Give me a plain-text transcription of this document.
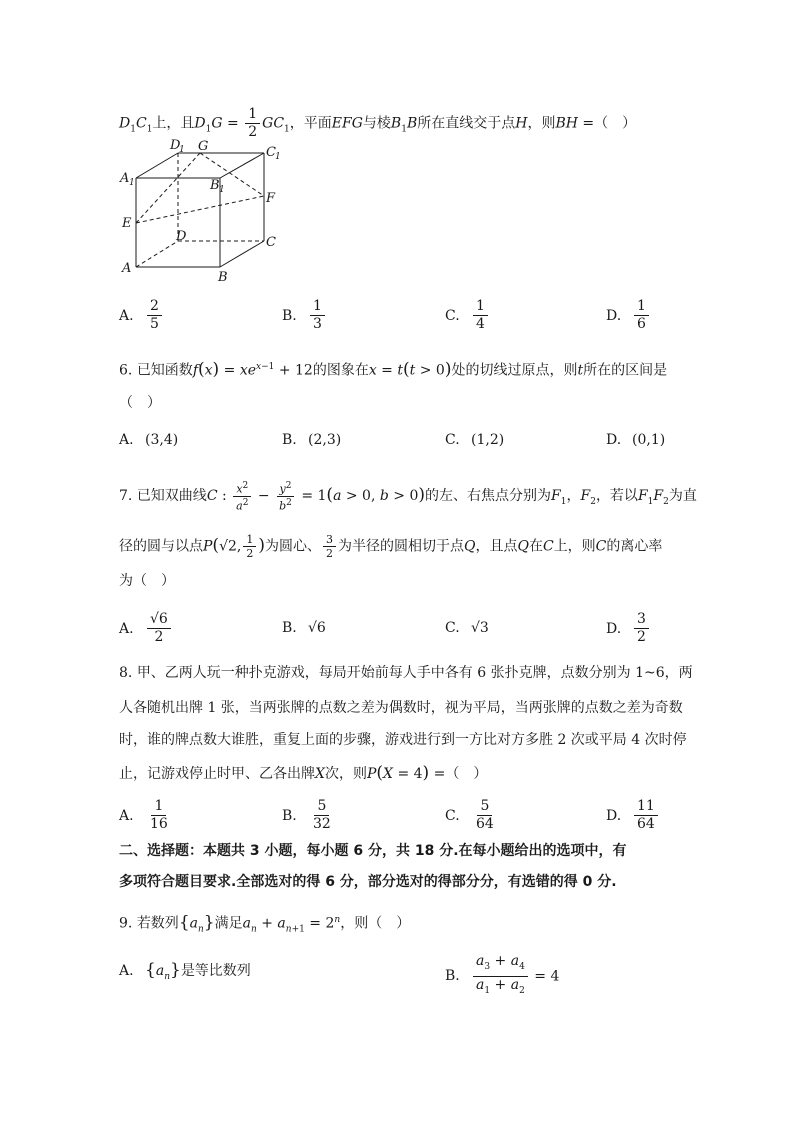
$D_1C_1$上，且$D_1G = \frac{1}{2} GC_1$，平面EFG与棱$B_1B$所在直线交于点H，则BH =（　）
D
1 G	C 1
A 1	B 1
F
E
D	C
A
B
A. $\frac{2}{5}$	B. $\frac{1}{3}$	C. $\frac{1}{4}$	D. $\frac{1}{6}$
6. 已知函数$f(x) = xe^{x-1} + 12$的图象在x = t(t > 0)处的切线过原点，则t所在的区间是
（　）
A. (3,4)	B. (2,3)	C. (1,2)	D. (0,1)
7. 已知双曲线C : $\frac{x^2}{a^2} - \frac{y^2}{b^2} = 1(a > 0$, b > 0)的左、右焦点分别为$F_1$，$F_2$，若以$F_1F_2$为直
径的圆与以点P(√2, $\frac{1}{2}$ )为圆心、 $\frac{3}{2}$ 为半径的圆相切于点Q，且点Q在C上，则C的离心率
为（　）
A. $\frac{√6}{2}$	B. √6	C. √3	D. $\frac{3}{2}$
8. 甲、乙两人玩一种扑克游戏，每局开始前每人手中各有 6 张扑克牌，点数分别为 1~6，两
人各随机出牌 1 张，当两张牌的点数之差为偶数时，视为平局，当两张牌的点数之差为奇数
时，谁的牌点数大谁胜，重复上面的步骤，游戏进行到一方比对方多胜 2 次或平局 4 次时停
止，记游戏停止时甲、乙各出牌X次，则P(X = 4) =（　）
A. $\frac{1}{16}$	B. $\frac{5}{32}$	C. $\frac{5}{64}$	D. $\frac{11}{64}$
二、选择题：本题共 3 小题，每小题 6 分，共 18 分.在每小题给出的选项中，有
多项符合题目要求.全部选对的得 6 分，部分选对的得部分分，有选错的得 0 分.
9. 若数列$\{a_n\}$满足$a_n + a_{n+1} = 2^n$，则（　）
A. $\{a_n\}$是等比数列	B. $\frac{a_3 + a_4}{a_1 + a_2} = 4$
